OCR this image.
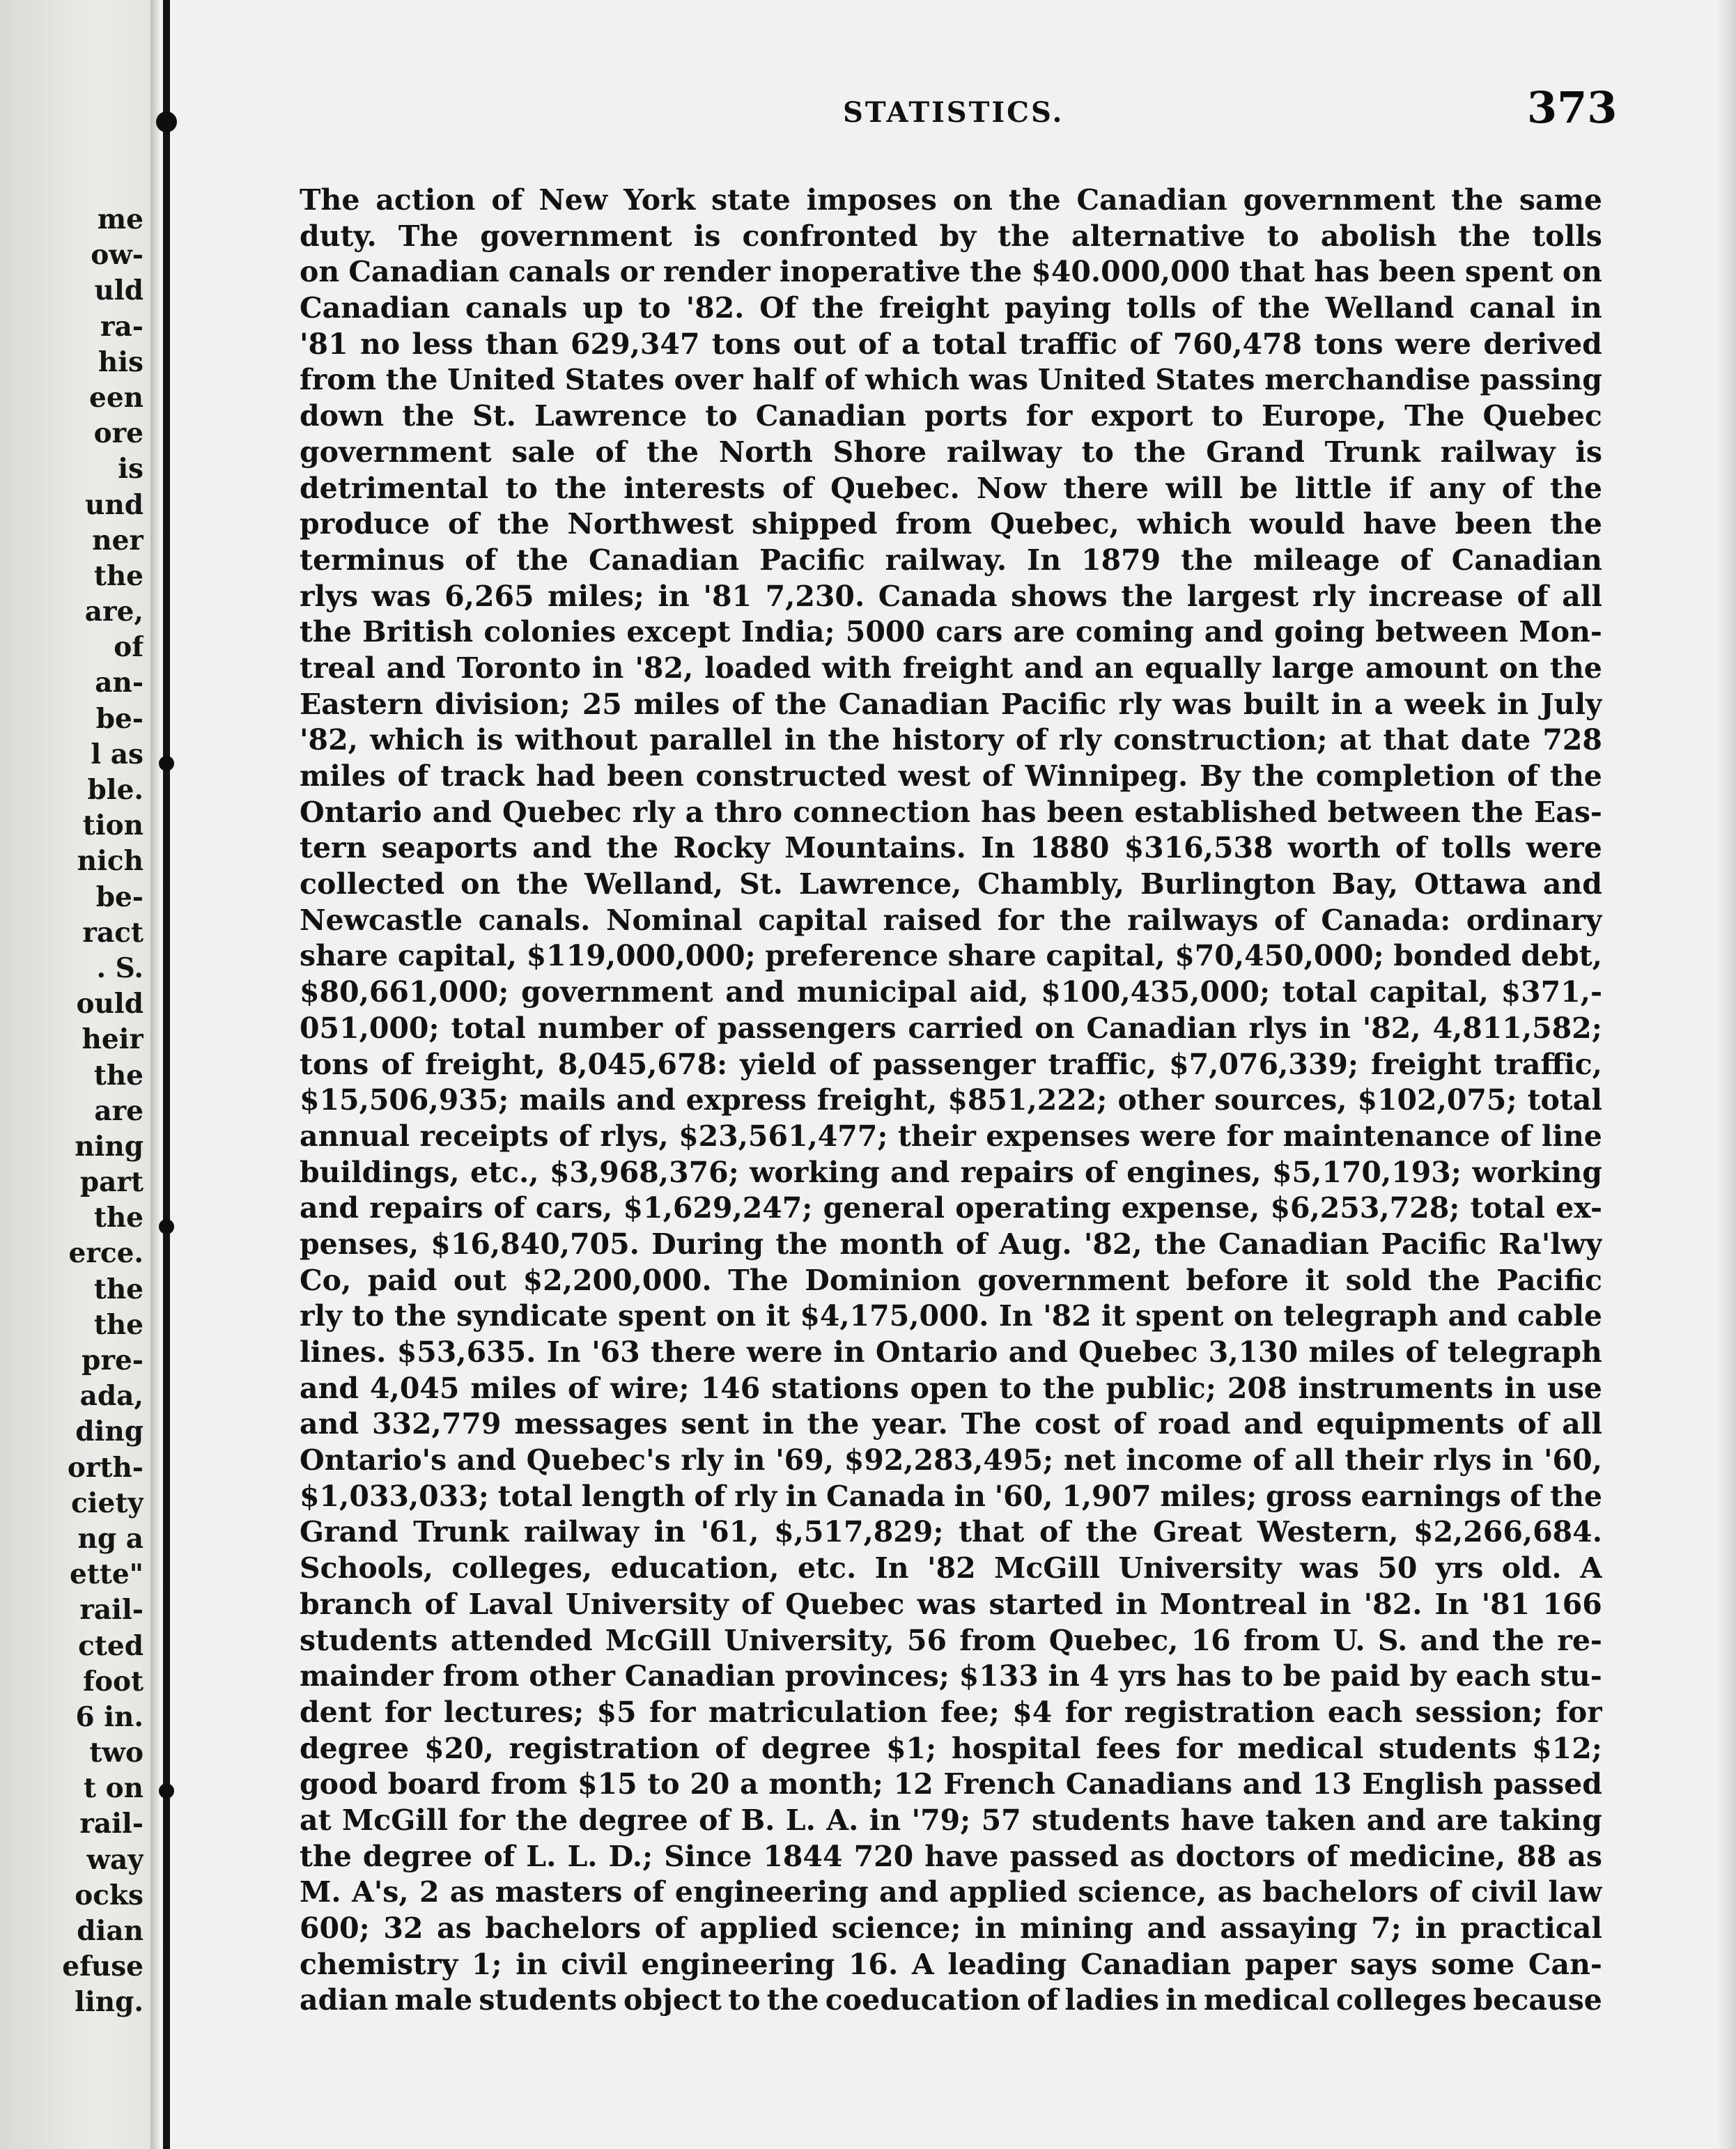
me
ow-
uld
ra-
his
een
ore
is
und
ner
the
are,
of
an-
be-
l as
ble.
tion
nich
be-
ract
. S.
ould
heir
the
are
ning
part
the
erce.
the
the
pre-
ada,
ding
orth-
ciety
ng a
ette"
rail-
cted
foot
6 in.
two
t on
rail-
way
ocks
dian
efuse
ling.
STATISTICS.	373
The action of New York state imposes on the Canadian government the same
duty. The government is confronted by the alternative to abolish the tolls
on Canadian canals or render inoperative the $40.000,000 that has been spent on
Canadian canals up to '82. Of the freight paying tolls of the Welland canal in
'81 no less than 629,347 tons out of a total traffic of 760,478 tons were derived
from the United States over half of which was United States merchandise passing
down the St. Lawrence to Canadian ports for export to Europe, The Quebec
government sale of the North Shore railway to the Grand Trunk railway is
detrimental to the interests of Quebec. Now there will be little if any of the
produce of the Northwest shipped from Quebec, which would have been the
terminus of the Canadian Pacific railway. In 1879 the mileage of Canadian
rlys was 6,265 miles; in '81 7,230. Canada shows the largest rly increase of all
the British colonies except India; 5000 cars are coming and going between Mon-
treal and Toronto in '82, loaded with freight and an equally large amount on the
Eastern division; 25 miles of the Canadian Pacific rly was built in a week in July
'82, which is without parallel in the history of rly construction; at that date 728
miles of track had been constructed west of Winnipeg. By the completion of the
Ontario and Quebec rly a thro connection has been established between the Eas-
tern seaports and the Rocky Mountains. In 1880 $316,538 worth of tolls were
collected on the Welland, St. Lawrence, Chambly, Burlington Bay, Ottawa and
Newcastle canals. Nominal capital raised for the railways of Canada: ordinary
share capital, $119,000,000; preference share capital, $70,450,000; bonded debt,
$80,661,000; government and municipal aid, $100,435,000; total capital, $371,-
051,000; total number of passengers carried on Canadian rlys in '82, 4,811,582;
tons of freight, 8,045,678: yield of passenger traffic, $7,076,339; freight traffic,
$15,506,935; mails and express freight, $851,222; other sources, $102,075; total
annual receipts of rlys, $23,561,477; their expenses were for maintenance of line
buildings, etc., $3,968,376; working and repairs of engines, $5,170,193; working
and repairs of cars, $1,629,247; general operating expense, $6,253,728; total ex-
penses, $16,840,705. During the month of Aug. '82, the Canadian Pacific Ra'lwy
Co, paid out $2,200,000. The Dominion government before it sold the Pacific
rly to the syndicate spent on it $4,175,000. In '82 it spent on telegraph and cable
lines. $53,635. In '63 there were in Ontario and Quebec 3,130 miles of telegraph
and 4,045 miles of wire; 146 stations open to the public; 208 instruments in use
and 332,779 messages sent in the year. The cost of road and equipments of all
Ontario's and Quebec's rly in '69, $92,283,495; net income of all their rlys in '60,
$1,033,033; total length of rly in Canada in '60, 1,907 miles; gross earnings of the
Grand Trunk railway in '61, $,517,829; that of the Great Western, $2,266,684.
Schools, colleges, education, etc. In '82 McGill University was 50 yrs old. A
branch of Laval University of Quebec was started in Montreal in '82. In '81 166
students attended McGill University, 56 from Quebec, 16 from U. S. and the re-
mainder from other Canadian provinces; $133 in 4 yrs has to be paid by each stu-
dent for lectures; $5 for matriculation fee; $4 for registration each session; for
degree $20, registration of degree $1; hospital fees for medical students $12;
good board from $15 to 20 a month; 12 French Canadians and 13 English passed
at McGill for the degree of B. L. A. in '79; 57 students have taken and are taking
the degree of L. L. D.; Since 1844 720 have passed as doctors of medicine, 88 as
M. A's, 2 as masters of engineering and applied science, as bachelors of civil law
600; 32 as bachelors of applied science; in mining and assaying 7; in practical
chemistry 1; in civil engineering 16. A leading Canadian paper says some Can-
adian male students object to the coeducation of ladies in medical colleges because
